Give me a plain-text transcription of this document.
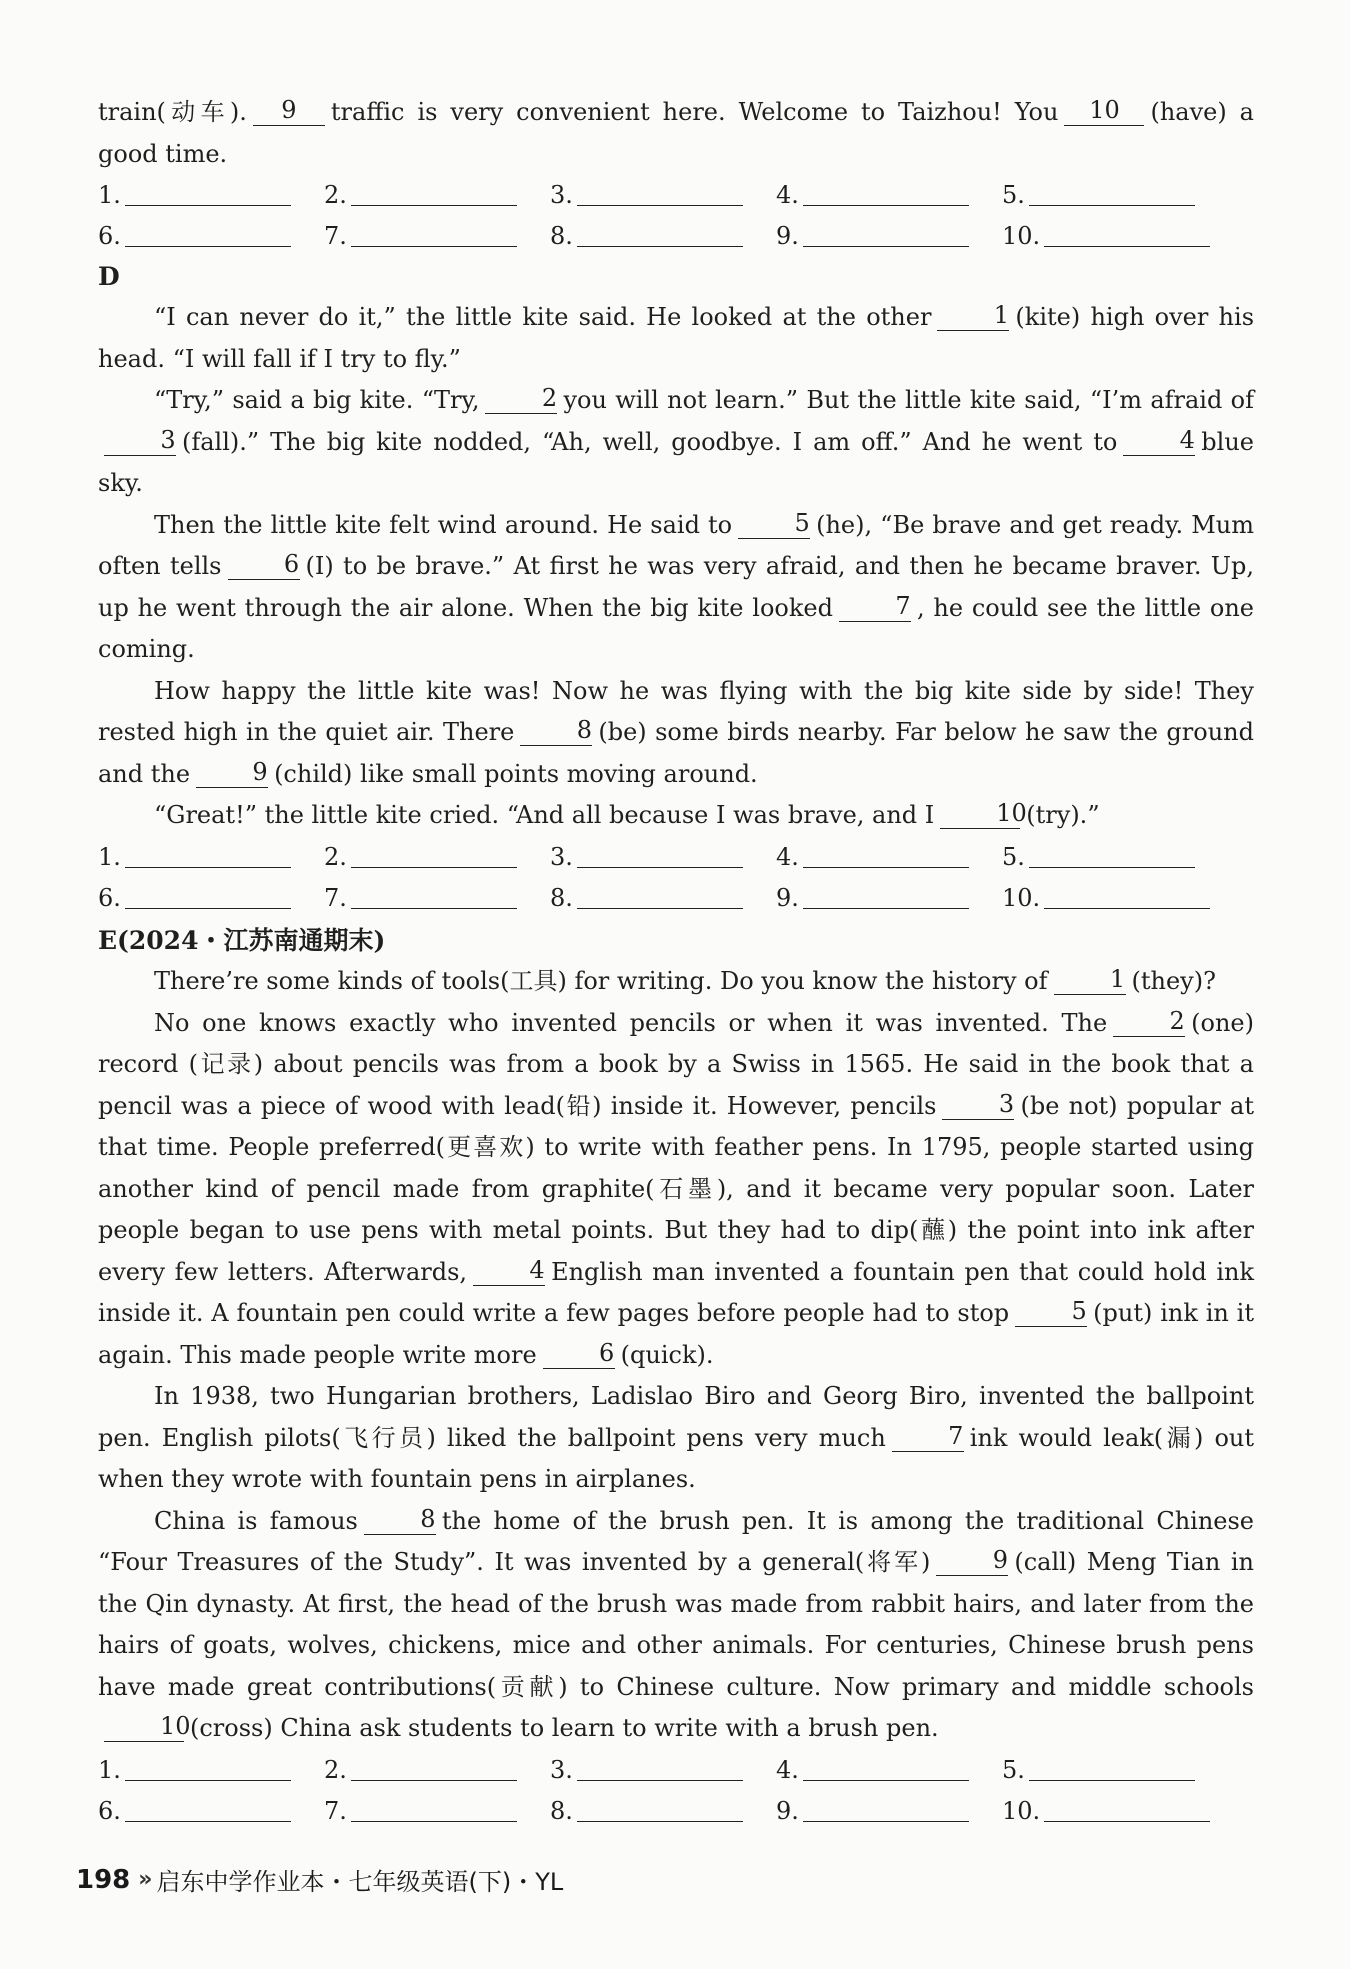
train(动车). 9 traffic is very convenient here. Welcome to Taizhou! You 10 (have) a good time.

1.	2.	3.	4.	5.
6.	7.	8.	9.	10.

D

“I can never do it,” the little kite said. He looked at the other	1 (kite) high over his head. “I will fall if I try to fly.”

“Try,” said a big kite. “Try,	2 you will not learn.” But the little kite said, “I’m afraid of3 (fall).” The big kite nodded, “Ah, well, goodbye. I am off.” And he went to	4 blue sky.

Then the little kite felt wind around. He said to	5 (he), “Be brave and get ready. Mum often tells	6 (I) to be brave.” At first he was very afraid, and then he became braver. Up, up he went through the air alone. When the big kite looked	7 , he could see the little one coming.

How happy the little kite was! Now he was flying with the big kite side by side! They rested high in the quiet air. There	8 (be) some birds nearby. Far below he saw the ground and the	9 (child) like small points moving around.

“Great!” the little kite cried. “And all because I was brave, and I	10(try).”

1.	2.	3.	4.	5.
6.	7.	8.	9.	10.

E(2024・江苏南通期末)

There’re some kinds of tools(工具) for writing. Do you know the history of	1 (they)?

No one knows exactly who invented pencils or when it was invented. The	2 (one) record (记录) about pencils was from a book by a Swiss in 1565. He said in the book that a pencil was a piece of wood with lead(铅) inside it. However, pencils	3 (be not) popular at that time. People preferred(更喜欢) to write with feather pens. In 1795, people started using another kind of pencil made from graphite(石墨), and it became very popular soon. Later people began to use pens with metal points. But they had to dip(蘸) the point into ink after every few letters. Afterwards,	4 English man invented a fountain pen that could hold ink inside it. A fountain pen could write a few pages before people had to stop	5 (put) ink in it again. This made people write more	6 (quick).

In 1938, two Hungarian brothers, Ladislao Biro and Georg Biro, invented the ballpoint pen. English pilots(飞行员) liked the ballpoint pens very much	7 ink would leak(漏) out when they wrote with fountain pens in airplanes.

China is famous	8 the home of the brush pen. It is among the traditional Chinese “Four Treasures of the Study”. It was invented by a general(将军)	9 (call) Meng Tian in the Qin dynasty. At first, the head of the brush was made from rabbit hairs, and later from the hairs of goats, wolves, chickens, mice and other animals. For centuries, Chinese brush pens have made great contributions(贡献) to Chinese culture. Now primary and middle schools10(cross) China ask students to learn to write with a brush pen.

1.	2.	3.	4.	5.
6.	7.	8.	9.	10.
198 » 启东中学作业本・七年级英语(下)・YL
